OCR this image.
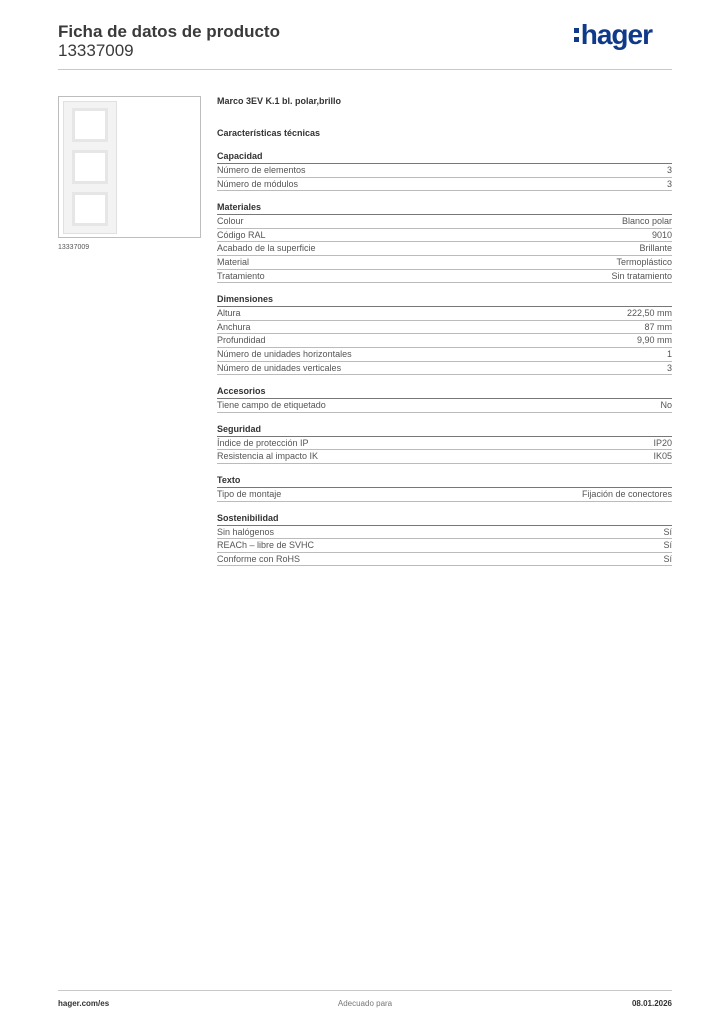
Ficha de datos de producto
13337009
hager
13337009
Marco 3EV K.1 bl. polar,brillo
Características técnicas
Capacidad
Número de elementos	3
Número de módulos	3
Materiales
Colour	Blanco polar
Código RAL	9010
Acabado de la superficie	Brillante
Material	Termoplástico
Tratamiento	Sin tratamiento
Dimensiones
Altura	222,50 mm
Anchura	87 mm
Profundidad	9,90 mm
Número de unidades horizontales	1
Número de unidades verticales	3
Accesorios
Tiene campo de etiquetado	No
Seguridad
Índice de protección IP	IP20
Resistencia al impacto IK	IK05
Texto
Tipo de montaje	Fijación de conectores
Sostenibilidad
Sin halógenos	Sí
REACh – libre de SVHC	Sí
Conforme con RoHS	Sí
hager.com/es	Adecuado para	08.01.2026
